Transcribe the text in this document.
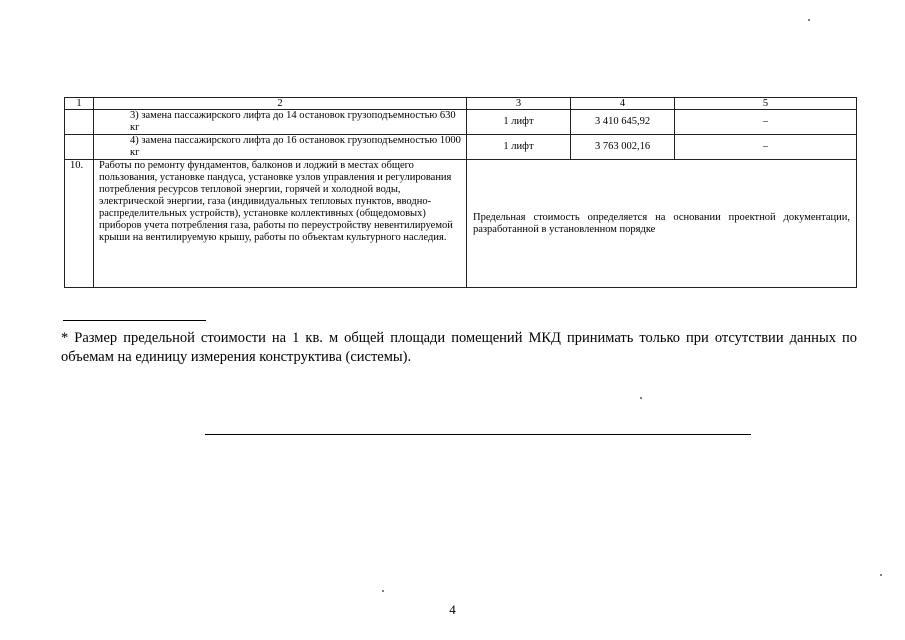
1	2	3	4	5
	3) замена пассажирского лифта до 14 остановок грузоподъемностью 630 кг	1 лифт	3 410 645,92	–
	4) замена пассажирского лифта до 16 остановок грузоподъемностью 1000 кг	1 лифт	3 763 002,16	–
10.	Работы по ремонту фундаментов, балконов и лоджий в местах общего пользования, установке пандуса, установке узлов управления и регулирования потребления ресурсов тепловой энергии, горячей и холодной воды, электрической энергии, газа (индивидуальных тепловых пунктов, вводно-распределительных устройств), установке коллективных (общедомовых) приборов учета потребления газа, работы по переустройству невентилируемой крыши на вентилируемую крышу, работы по объектам культурного наследия.	Предельная стоимость определяется на основании проектной документации, разработанной в установленном порядке		
* Размер предельной стоимости на 1 кв. м общей площади помещений МКД принимать только при отсутствии данных по объемам на единицу измерения конструктива (системы).
4
